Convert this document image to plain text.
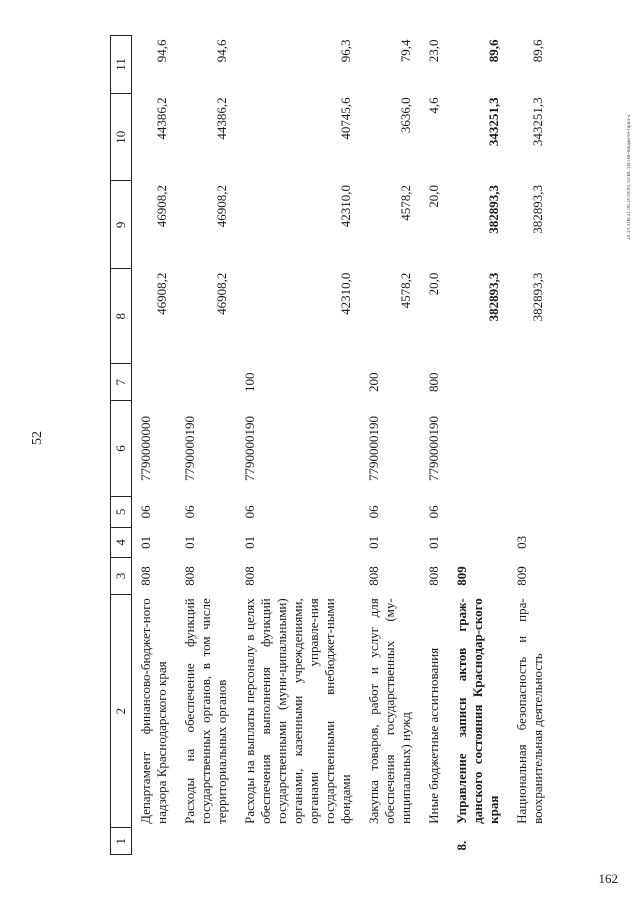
52
20.3/COB/21.06.2018/09.33/ВСТЯ/ЛВ-бюджетн-прил-2
1	2	3	4	5	6	7	8	9	10	11
	Департамент финансово-бюджет-ного надзора Краснодарского края	808	01	06	7790000000		46908,2	46908,2	44386,2	94,6
	Расходы на обеспечение функций государственных органов, в том числе территориальных органов	808	01	06	7790000190		46908,2	46908,2	44386,2	94,6
	Расходы на выплаты персоналу в целях обеспечения выполнения функций государственными (муни-ципальными) органами, казенными учреждениями, органами управле-ния государственными внебюджет-ными фондами	808	01	06	7790000190	100	42310,0	42310,0	40745,6	96,3
	Закупка товаров, работ и услуг для обеспечения государственных (му-ниципальных) нужд	808	01	06	7790000190	200	4578,2	4578,2	3636,0	79,4
	Иные бюджетные ассигнования	808	01	06	7790000190	800	20,0	20,0	4,6	23,0
8.	Управление записи актов граж-данского состояния Краснодар-ского края	809					382893,3	382893,3	343251,3	89,6
	Национальная безопасность и пра-воохранительная деятельность	809	03				382893,3	382893,3	343251,3	89,6
162
